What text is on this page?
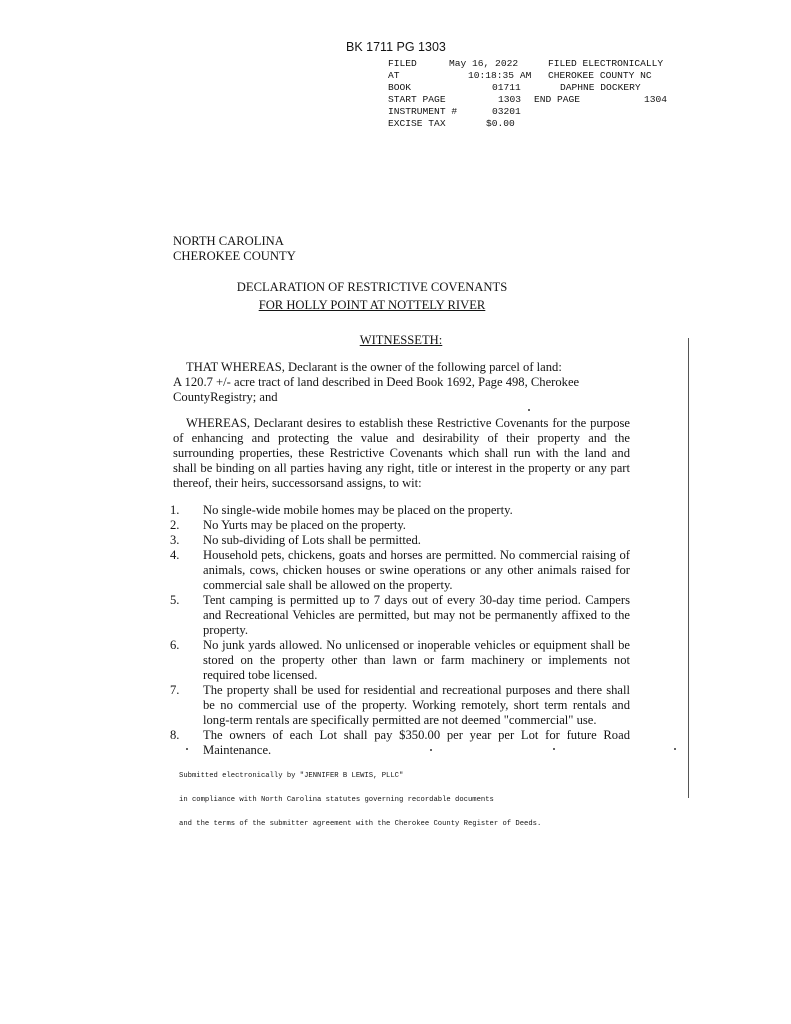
BK 1711 PG 1303
FILED	May 16, 2022	FILED ELECTRONICALLY
AT	10:18:35 AM CHEROKEE COUNTY NC
BOOK	01711	DAPHNE DOCKERY
START PAGE	1303 END PAGE	1304
INSTRUMENT #	03201
EXCISE TAX	$0.00
NORTH CAROLINA
CHEROKEE COUNTY
DECLARATION OF RESTRICTIVE COVENANTS
FOR HOLLY POINT AT NOTTELY RIVER
WITNESSETH:
THAT WHEREAS, Declarant is the owner of the following parcel of land:
A 120.7 +/- acre tract of land described in Deed Book 1692, Page 498, Cherokee CountyRegistry; and
WHEREAS, Declarant desires to establish these Restrictive Covenants for the purpose of enhancing and protecting the value and desirability of their property and the surrounding properties, these Restrictive Covenants which shall run with the land and shall be binding on all parties having any right, title or interest in the property or any part thereof, their heirs, successorsand assigns, to wit:
1.	No single-wide mobile homes may be placed on the property.
2.	No Yurts may be placed on the property.
3.	No sub-dividing of Lots shall be permitted.
4.	Household pets, chickens, goats and horses are permitted. No commercial raising of animals, cows, chicken houses or swine operations or any other animals raised for commercial sale shall be allowed on the property.
5.	Tent camping is permitted up to 7 days out of every 30-day time period. Campers and Recreational Vehicles are permitted, but may not be permanently affixed to the property.
6.	No junk yards allowed. No unlicensed or inoperable vehicles or equipment shall be stored on the property other than lawn or farm machinery or implements not required tobe licensed.
7.	The property shall be used for residential and recreational purposes and there shall be no commercial use of the property. Working remotely, short term rentals and long-term rentals are specifically permitted are not deemed "commercial" use.
8.	The owners of each Lot shall pay $350.00 per year per Lot for future Road Maintenance.

Submitted electronically by "JENNIFER B LEWIS, PLLC"

in compliance with North Carolina statutes governing recordable documents

and the terms of the submitter agreement with the Cherokee County Register of Deeds.
